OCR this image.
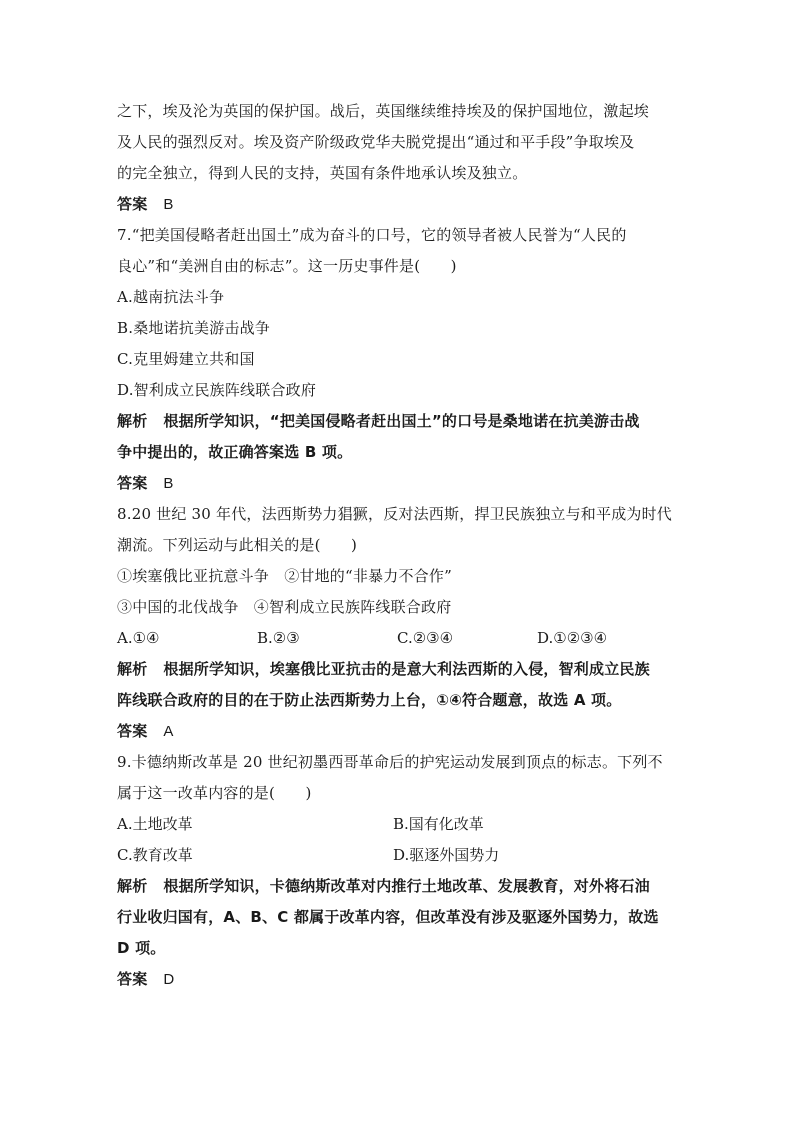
之下，埃及沦为英国的保护国。战后，英国继续维持埃及的保护国地位，激起埃

及人民的强烈反对。埃及资产阶级政党华夫脱党提出“通过和平手段”争取埃及

的完全独立，得到人民的支持，英国有条件地承认埃及独立。

答案 B

7.“把美国侵略者赶出国土”成为奋斗的口号，它的领导者被人民誉为“人民的

良心”和“美洲自由的标志”。这一历史事件是(　　)

A.越南抗法斗争

B.桑地诺抗美游击战争

C.克里姆建立共和国

D.智利成立民族阵线联合政府

解析 根据所学知识，“把美国侵略者赶出国土”的口号是桑地诺在抗美游击战

争中提出的，故正确答案选 B 项。

答案 B

8.20 世纪 30 年代，法西斯势力猖獗，反对法西斯，捍卫民族独立与和平成为时代

潮流。下列运动与此相关的是(　　)

①埃塞俄比亚抗意斗争　②甘地的“非暴力不合作”

③中国的北伐战争　④智利成立民族阵线联合政府

A.①④	B.②③	C.②③④	D.①②③④

解析 根据所学知识，埃塞俄比亚抗击的是意大利法西斯的入侵，智利成立民族

阵线联合政府的目的在于防止法西斯势力上台，①④符合题意，故选 A 项。

答案 A

9.卡德纳斯改革是 20 世纪初墨西哥革命后的护宪运动发展到顶点的标志。下列不

属于这一改革内容的是(　　)

A.土地改革	B.国有化改革
C.教育改革	D.驱逐外国势力

解析 根据所学知识，卡德纳斯改革对内推行土地改革、发展教育，对外将石油

行业收归国有，A、B、C 都属于改革内容，但改革没有涉及驱逐外国势力，故选

D 项。

答案 D
